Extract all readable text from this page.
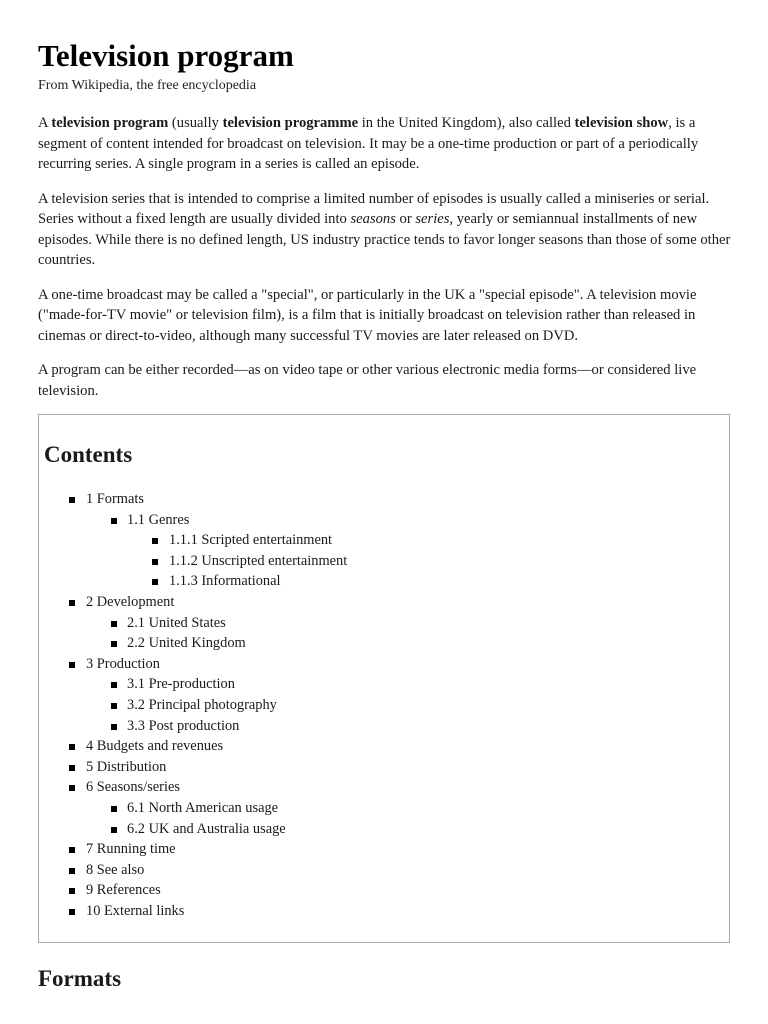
Television program
From Wikipedia, the free encyclopedia

A television program (usually television programme in the United Kingdom), also called television show, is a segment of content intended for broadcast on television. It may be a one-time production or part of a periodically recurring series. A single program in a series is called an episode.

A television series that is intended to comprise a limited number of episodes is usually called a miniseries or serial. Series without a fixed length are usually divided into seasons or series, yearly or semiannual installments of new episodes. While there is no defined length, US industry practice tends to favor longer seasons than those of some other countries.

A one-time broadcast may be called a "special", or particularly in the UK a "special episode". A television movie ("made-for-TV movie" or television film), is a film that is initially broadcast on television rather than released in cinemas or direct-to-video, although many successful TV movies are later released on DVD.

A program can be either recorded—as on video tape or other various electronic media forms—or considered live television.

Contents
1 Formats
1.1 Genres
1.1.1 Scripted entertainment
1.1.2 Unscripted entertainment
1.1.3 Informational
2 Development
2.1 United States
2.2 United Kingdom
3 Production
3.1 Pre-production
3.2 Principal photography
3.3 Post production
4 Budgets and revenues
5 Distribution
6 Seasons/series
6.1 North American usage
6.2 UK and Australia usage
7 Running time
8 See also
9 References
10 External links
Formats
